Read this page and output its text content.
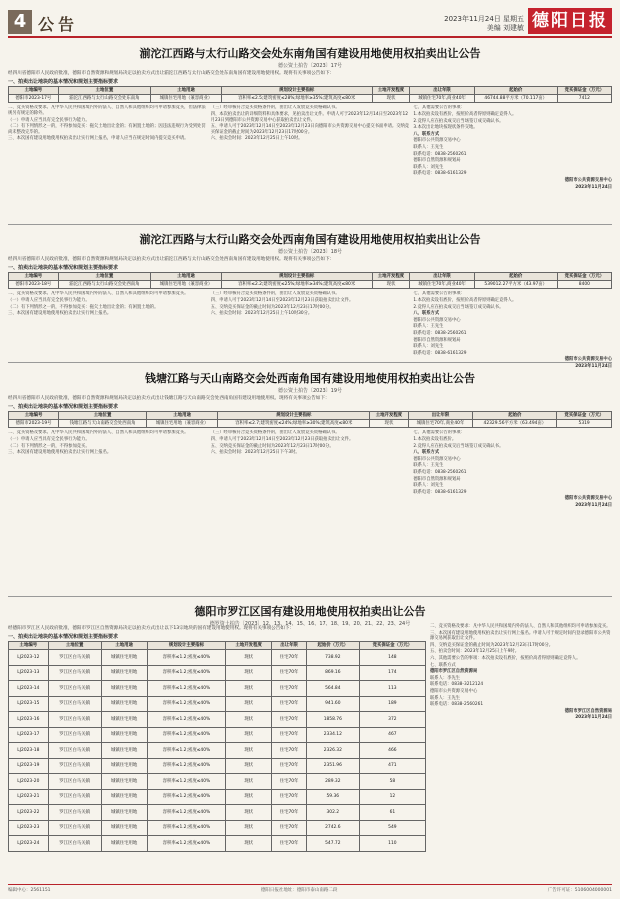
4 公告	2023年11月24日 星期五
美编 刘建敏 德阳日报
湔沱江西路与太行山路交会处东南角国有建设用地使用权拍卖出让公告
德公资土拍告〔2023〕17号
经四川省德阳市人民政府批准，德阳市自然资源和规划局决定以拍卖方式出让湔沱江西路与太行山路交会处东南角国有建设用地使用权。现将有关事项公告如下：
一、拍卖出让地块的基本情况和规划主要指标要求
土地编号	土地位置	土地用途	规划设计主要指标	土地开发程度	出让年限	起始价	竞买保证金（万元）
德阳市2023-17号	湔沱江西路与太行山路交会处东南角	城镇住宅用地（兼容商业）	容积率≤2.5;建筑密度≤28%;绿地率≥35%;建筑高度≤80米	现状	城镇住宅70年,商业40年	46744.88平方米（70.117亩）	7412

二、竞买资格及要求。凡中华人民共和国境内外的法人、自然人和其他组织均可申请参加竞买，但法律法规另有规定的除外。

（一）申请人应当具有完全民事行为能力。

（二）有下列情形之一的，不得参加竞买：拖欠土地出让金的；有闲置土地的；因违法违规行为受到处罚尚未整改完毕的。

三、本次国有建设用地使用权拍卖出让实行网上报名，申请人应当在规定时间内提交竞买申请。

（三）经审核符合竞买资格条件的，由出让人发放竞买资格确认书。

四、本次拍卖出让的详细资料和具体要求，见拍卖出让文件。申请人可于2023年12月14日至2023年12月23日到德阳市公共资源交易中心获取拍卖出让文件。

五、申请人可于2023年12月14日至2023年12月23日向德阳市公共资源交易中心提交书面申请。交纳竞买保证金的截止时间为2023年12月23日17时00分。

六、拍卖会时间：2023年12月25日上午10时。

七、其他需要公告的事项：

1.本次拍卖设有底价，按照价高者得原则确定竞得人。

2.竞得人应在拍卖成交后当场签订成交确认书。

3.本次出让地块按现状条件交地。

八、联系方式

德阳市公共资源交易中心

联系人：王先生

联系电话：0838-2560261

德阳市自然资源和规划局

联系人：刘先生

联系电话：0838-6161329

德阳市公共资源交易中心

2023年11月24日

湔沱江西路与太行山路交会处西南角国有建设用地使用权拍卖出让公告
德公资土拍告〔2023〕18号
经四川省德阳市人民政府批准，德阳市自然资源和规划局决定以拍卖方式出让湔沱江西路与太行山路交会处西南角国有建设用地使用权。现将有关事项公告如下：
一、拍卖出让地块的基本情况和规划主要指标要求
土地编号	土地位置	土地用途	规划设计主要指标	土地开发程度	出让年限	起始价	竞买保证金（万元）
德阳市2023-18号	湔沱江西路与太行山路交会处西南角	城镇住宅用地（兼容商业）	容积率≤2.2;建筑密度≤25%;绿地率≥34%;建筑高度≤80米	现状	城镇住宅70年,商业40年	539012.27平方米（43.97亩）	8400

二、竞买资格及要求。凡中华人民共和国境内外的法人、自然人和其他组织均可申请参加竞买。

（一）申请人应当具有完全民事行为能力。

（二）有下列情形之一的，不得参加竞买：拖欠土地出让金的；有闲置土地的。

三、本次国有建设用地使用权拍卖出让实行网上报名。

（三）经审核符合竞买资格条件的，由出让人发放竞买资格确认书。

四、申请人可于2023年12月14日至2023年12月23日获取拍卖出让文件。

五、交纳竞买保证金的截止时间为2023年12月23日17时00分。

六、拍卖会时间：2023年12月25日上午10时30分。

七、其他需要公告的事项：

1.本次拍卖设有底价，按照价高者得原则确定竞得人。

2.竞得人应在拍卖成交后当场签订成交确认书。

八、联系方式

德阳市公共资源交易中心

联系人：王先生

联系电话：0838-2560261

德阳市自然资源和规划局

联系人：刘先生

联系电话：0838-6161329

德阳市公共资源交易中心

2023年11月24日

钱塘江路与天山南路交会处西南角国有建设用地使用权拍卖出让公告
德公资土拍告〔2023〕19号
经四川省德阳市人民政府批准，德阳市自然资源和规划局决定以拍卖方式出让钱塘江路与天山南路交会处西南角国有建设用地使用权。现将有关事项公告如下：
一、拍卖出让地块的基本情况和规划主要指标要求
土地编号	土地位置	土地用途	规划设计主要指标	土地开发程度	出让年限	起始价	竞买保证金（万元）
德阳市2023-19号	钱塘江路与天山南路交会处西南角	城镇住宅用地（兼容商业）	容积率≤2.7;建筑密度≤24%;绿地率≥30%;建筑高度≤80米	现状	城镇住宅70年,商业40年	42329.56平方米（63.494亩）	5319

二、竞买资格及要求。凡中华人民共和国境内外的法人、自然人和其他组织均可申请参加竞买。

（一）申请人应当具有完全民事行为能力。

（二）有下列情形之一的，不得参加竞买。

三、本次国有建设用地使用权拍卖出让实行网上报名。

（三）经审核符合竞买资格条件的，由出让人发放竞买资格确认书。

四、申请人可于2023年12月14日至2023年12月23日获取拍卖出让文件。

五、交纳竞买保证金的截止时间为2023年12月23日17时00分。

六、拍卖会时间：2023年12月25日下午3时。

七、其他需要公告的事项：

1.本次拍卖设有底价。

2.竞得人应在拍卖成交后当场签订成交确认书。

八、联系方式

德阳市公共资源交易中心

联系人：王先生

联系电话：0838-2560261

德阳市自然资源和规划局

联系人：刘先生

联系电话：0838-6161329

德阳市公共资源交易中心

2023年11月24日

德阳市罗江区国有建设用地使用权拍卖出让公告
德罗资土拍告〔2023〕12、13、14、15、16、17、18、19、20、21、22、23、24号
经德阳市罗江区人民政府批准，德阳市罗江区自然资源局决定以拍卖方式出让以下13宗地块的国有建设用地使用权。现将有关事项公告如下：
一、拍卖出让地块的基本情况和规划主要指标要求
土地编号	土地位置	土地用途	规划设计主要指标	土地开发程度	出让年限	起始价（万元）	竞买保证金（万元）
LJ2023-12	罗江区白马关镇	城镇住宅用地	容积率≤1.2;密度≤40%	现状	住宅70年	738.92	148
LJ2023-13	罗江区白马关镇	城镇住宅用地	容积率≤1.2;密度≤40%	现状	住宅70年	869.16	174
LJ2023-14	罗江区白马关镇	城镇住宅用地	容积率≤1.2;密度≤40%	现状	住宅70年	564.84	113
LJ2023-15	罗江区白马关镇	城镇住宅用地	容积率≤1.2;密度≤40%	现状	住宅70年	941.60	189
LJ2023-16	罗江区白马关镇	城镇住宅用地	容积率≤1.2;密度≤40%	现状	住宅70年	1858.76	372
LJ2023-17	罗江区白马关镇	城镇住宅用地	容积率≤1.2;密度≤40%	现状	住宅70年	2334.12	467
LJ2023-18	罗江区白马关镇	城镇住宅用地	容积率≤1.2;密度≤40%	现状	住宅70年	2326.32	466
LJ2023-19	罗江区白马关镇	城镇住宅用地	容积率≤1.2;密度≤40%	现状	住宅70年	2351.96	471
LJ2023-20	罗江区白马关镇	城镇住宅用地	容积率≤1.2;密度≤40%	现状	住宅70年	289.32	58
LJ2023-21	罗江区白马关镇	城镇住宅用地	容积率≤1.2;密度≤40%	现状	住宅70年	59.36	12
LJ2023-22	罗江区白马关镇	城镇住宅用地	容积率≤1.2;密度≤40%	现状	住宅70年	302.2	61
LJ2023-23	罗江区白马关镇	城镇住宅用地	容积率≤1.2;密度≤40%	现状	住宅70年	2742.6	549
LJ2023-24	罗江区白马关镇	城镇住宅用地	容积率≤1.2;密度≤40%	现状	住宅70年	547.72	110

二、竞买资格及要求：凡中华人民共和国境内外的法人、自然人和其他组织均可申请参加竞买。

三、本次国有建设用地使用权拍卖出让实行网上报名。申请人可于规定时间内登录德阳市公共资源交易网获取出让文件。

四、交纳竞买保证金的截止时间为2023年12月23日17时00分。

五、拍卖会时间：2023年12月25日上午9时。

六、其他需要公告的事项：本次拍卖设有底价，按照价高者得原则确定竞得人。

七、联系方式

德阳市罗江区自然资源局

联系人：李先生

联系电话：0838-3212124

德阳市公共资源交易中心

联系人：王先生

联系电话：0838-2560261

德阳市罗江区自然资源局

2023年11月24日

编辑中心：2561151	德阳日报社地址：德阳市泰山南路二段	广告许可证：5106004000001
